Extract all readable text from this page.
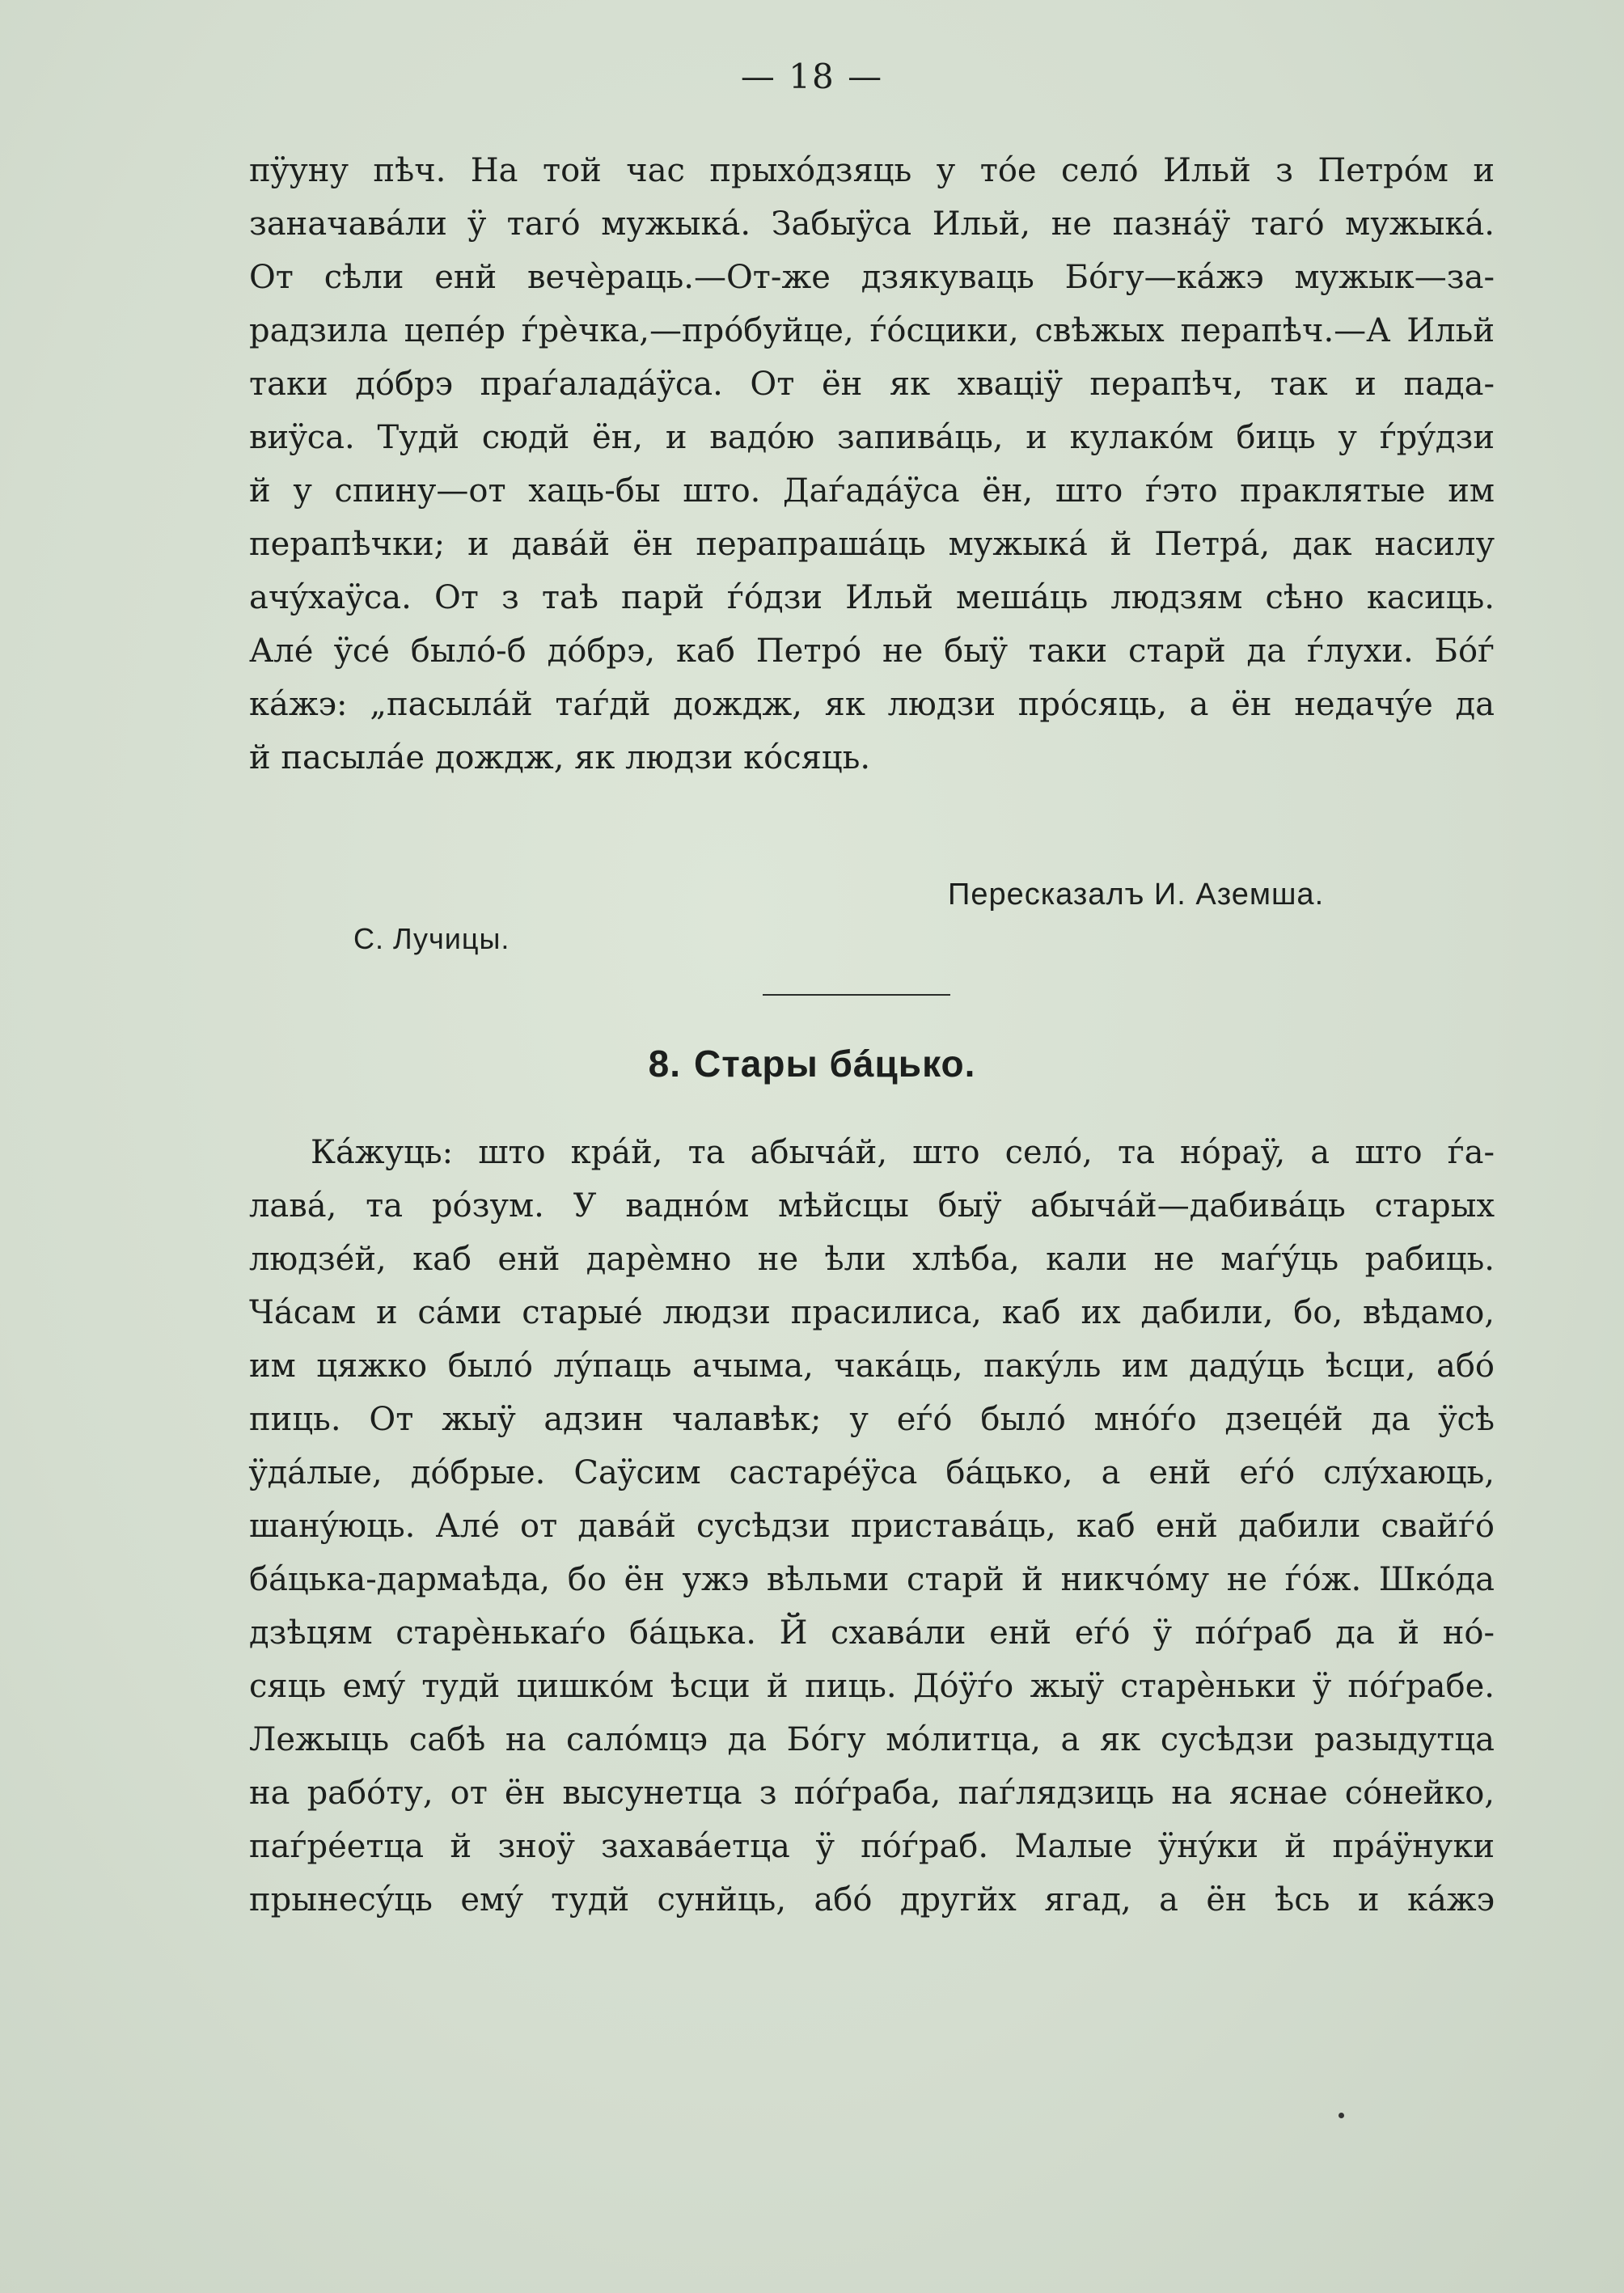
— 18 —
пÿуну пѣч. На той час прыхóдзяць у тóе селó Ильй з Петрóм и
заначавáли ÿ тагó мужыкá. Забыÿса Ильй, не пазнáÿ тагó мужыкá.
От сѣли енй вечѐраць.—От-же дзякуваць Бóгу—кáжэ мужык—за-
радзила цепéр ѓрѐчка,—прóбуйце, ѓóсцики, свѣжых перапѣч.—А Ильй
таки дóбрэ праѓаладáÿса. От ён як хваціÿ перапѣч, так и пада-
виÿса. Тудй сюдй ён, и вадóю запивáць, и кулакóм биць у ѓрýдзи
й у спину—от хаць-бы што. Даѓадáÿса ён, што ѓэто праклятые им
перапѣчки; и давáй ён перапрашáць мужыкá й Петрá, дак насилу
ачýхаÿса. От з таѣ парй ѓóдзи Ильй мешáць людзям сѣно касиць.
Алé ÿсé былó-б дóбрэ, каб Петрó не быÿ таки старй да ѓлухи. Бóѓ
кáжэ: „пасылáй таѓдй дождж, як людзи прóсяць, а ён недачýе да
й пасылáе дождж, як людзи кóсяць.
Пересказалъ И. Аземша.
С. Лучицы.
8. Стары бáцько.
Кáжуць: што крáй, та абычáй, што селó, та нóраÿ, а што ѓа-
лавá, та рóзум. У ваднóм мѣйсцы быÿ абычáй—дабивáць старых
людзéй, каб енй дарѐмно не ѣли хлѣба, кали не маѓýць рабиць.
Чáсам и сáми старыé людзи прасилиса, каб их дабили, бо, вѣдамо,
им цяжко былó лýпаць ачыма, чакáць, пакýль им дадýць ѣсци, абó
пиць. От жыÿ адзин чалавѣк; у еѓó былó мнóѓо дзецéй да ÿсѣ
ÿдáлые, дóбрые. Саÿсим састарéÿса бáцько, а енй еѓó слýхаюць,
шанýюць. Алé от давáй сусѣдзи приставáць, каб енй дабили свайѓó
бáцька-дармаѣда, бо ён ужэ вѣльми старй й никчóму не ѓóж. Шкóда
дзѣцям старѐнькаѓо бáцька. Й схавáли енй еѓó ÿ пóѓраб да й нó-
сяць емý тудй цишкóм ѣсци й пиць. Дóÿѓо жыÿ старѐньки ÿ пóѓрабе.
Лежыць сабѣ на салóмцэ да Бóгу мóлитца, а як сусѣдзи разыдутца
на рабóту, от ён высунетца з пóѓраба, паѓлядзиць на яснае сóнейко,
паѓрéетца й зноÿ захавáетца ÿ пóѓраб. Малые ÿнýки й прáÿнуки
прынесýць емý тудй сунйць, абó другйх ягад, а ён ѣсь и кáжэ
